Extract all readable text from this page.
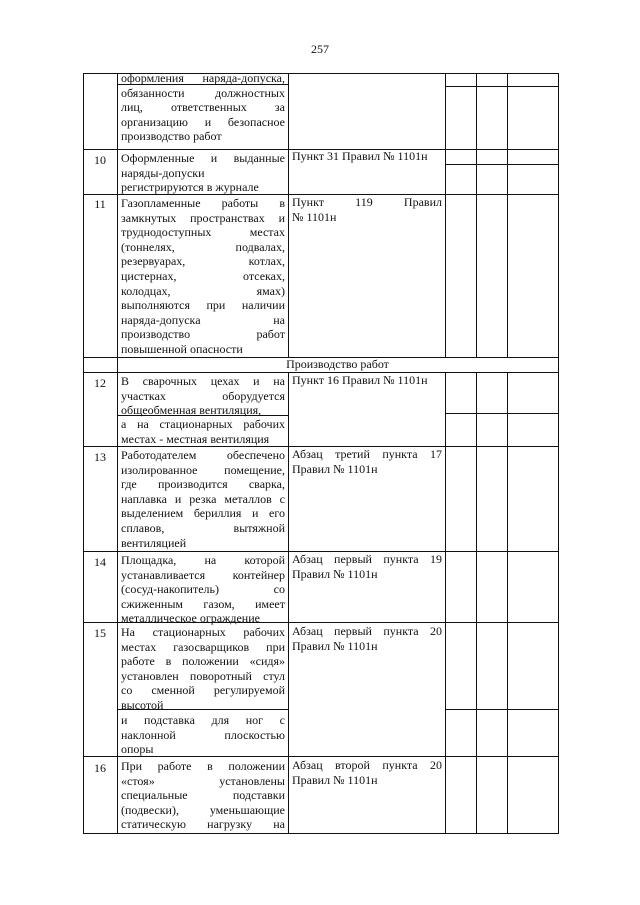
257
оформления наряда-допуска,
обязанности должностных
лиц, ответственных за
организацию и безопасное
производство работ
10	Оформленные и выданные
наряды-допуски
регистрируются в журнале
Пункт 31 Правил № 1101н
11	Газопламенные работы в
замкнутых пространствах и
труднодоступных местах
(тоннелях, подвалах,
резервуарах, котлах,
цистернах, отсеках,
колодцах, ямах)
выполняются при наличии
наряда-допуска на
производство работ
повышенной опасности
Пункт 119 Правил
№ 1101н
Производство работ
12	В сварочных цехах и на
участках оборудуется
общеобменная вентиляция,
а на стационарных рабочих
местах - местная вентиляция
Пункт 16 Правил № 1101н
13	Работодателем обеспечено
изолированное помещение,
где производится сварка,
наплавка и резка металлов с
выделением бериллия и его
сплавов, вытяжной
вентиляцией
Абзац третий пункта 17
Правил № 1101н
14	Площадка, на которой
устанавливается контейнер
(сосуд-накопитель) со
сжиженным газом, имеет
металлическое ограждение
Абзац первый пункта 19
Правил № 1101н
15	На стационарных рабочих
местах газосварщиков при
работе в положении «сидя»
установлен поворотный стул
со сменной регулируемой
высотой
и подставка для ног с
наклонной плоскостью
опоры
Абзац первый пункта 20
Правил № 1101н
16	При работе в положении
«стоя» установлены
специальные подставки
(подвески), уменьшающие
статическую нагрузку на
Абзац второй пункта 20
Правил № 1101н
